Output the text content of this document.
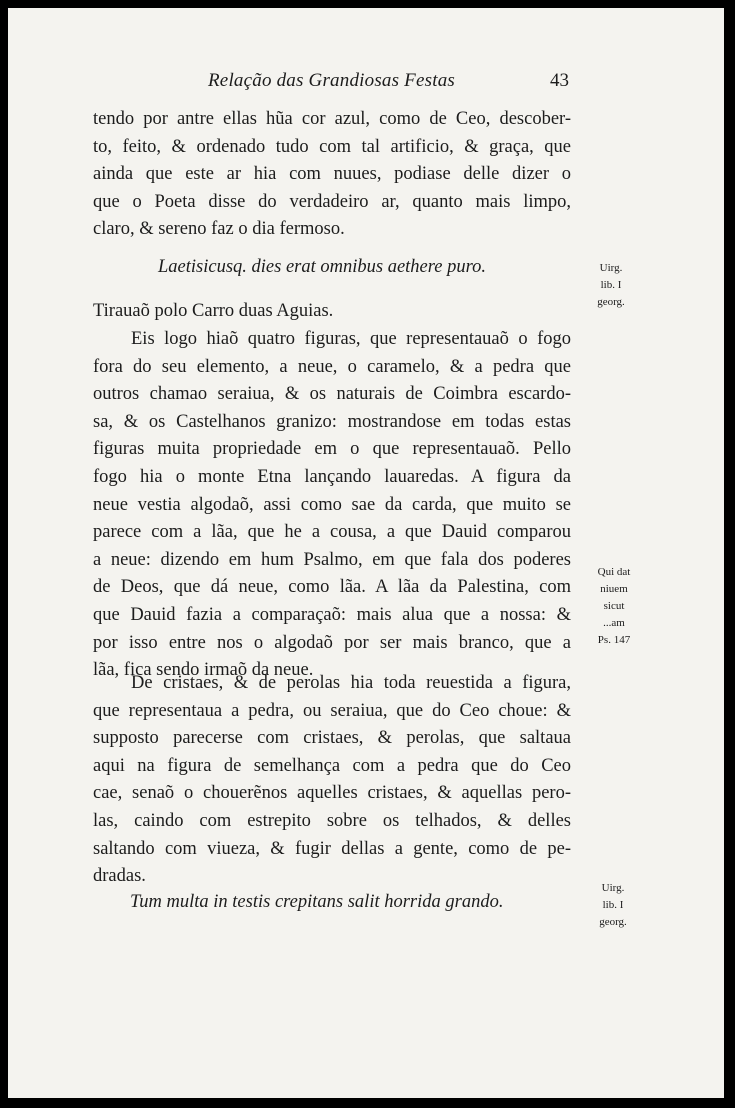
Relação das Grandiosas Festas	43
tendo por antre ellas hũa cor azul, como de Ceo, descober-
to, feito, & ordenado tudo com tal artificio, & graça, que
ainda que este ar hia com nuues, podiase delle dizer o
que o Poeta disse do verdadeiro ar, quanto mais limpo,
claro, & sereno faz o dia fermoso.
Laetisicusq. dies erat omnibus aethere puro.	Uirg.
lib. I
georg.
Tirauaõ polo Carro duas Aguias.
Eis logo hiaõ quatro figuras, que representauaõ o fogo
fora do seu elemento, a neue, o caramelo, & a pedra que
outros chamao seraiua, & os naturais de Coimbra escardo-
sa, & os Castelhanos granizo: mostrandose em todas estas
figuras muita propriedade em o que representauaõ. Pello
fogo hia o monte Etna lançando lauaredas. A figura da
neue vestia algodaõ, assi como sae da carda, que muito se
parece com a lãa, que he a cousa, a que Dauid comparou
a neue: dizendo em hum Psalmo, em que fala dos poderes
de Deos, que dá neue, como lãa. A lãa da Palestina, com
que Dauid fazia a comparaçaõ: mais alua que a nossa: &
por isso entre nos o algodaõ por ser mais branco, que a
lãa, fica sendo irmaõ da neue.
Qui dat
niuem
sicut
...am
Ps. 147
De cristaes, & de perolas hia toda reuestida a figura,
que representaua a pedra, ou seraiua, que do Ceo choue: &
supposto parecerse com cristaes, & perolas, que saltaua
aqui na figura de semelhança com a pedra que do Ceo
cae, senaõ o chouerẽnos aquelles cristaes, & aquellas pero-
las, caindo com estrepito sobre os telhados, & delles
saltando com viueza, & fugir dellas a gente, como de pe-
dradas.
Tum multa in testis crepitans salit horrida grando.
Uirg.
lib. I
georg.
